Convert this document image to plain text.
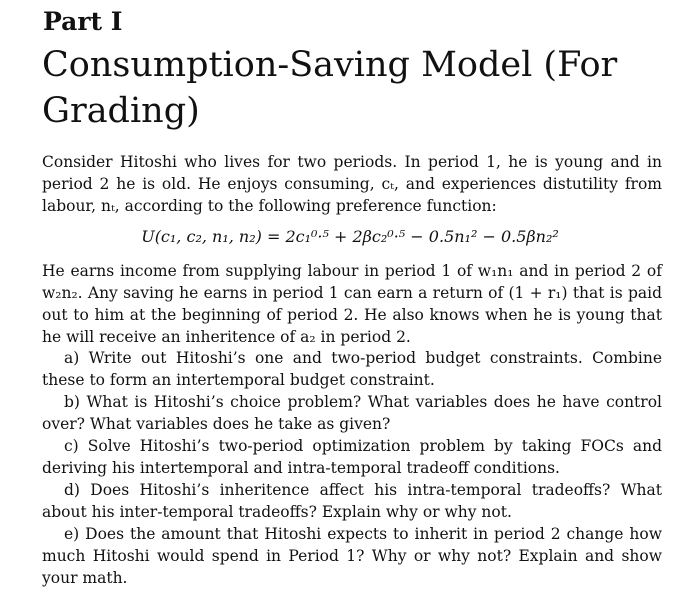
Part I
Consumption-Saving Model (For Grading)

Consider Hitoshi who lives for two periods. In period 1, he is young and in period 2 he is old. He enjoys consuming, cₜ, and experiences distutility from labour, nₜ, according to the following preference function:

U(c₁, c₂, n₁, n₂) = 2c₁⁰·⁵ + 2βc₂⁰·⁵ − 0.5n₁² − 0.5βn₂²

He earns income from supplying labour in period 1 of w₁n₁ and in period 2 of w₂n₂. Any saving he earns in period 1 can earn a return of (1 + r₁) that is paid out to him at the beginning of period 2. He also knows when he is young that he will receive an inheritence of a₂ in period 2.

a) Write out Hitoshi’s one and two-period budget constraints. Combine these to form an intertemporal budget constraint.

b) What is Hitoshi’s choice problem? What variables does he have control over? What variables does he take as given?

c) Solve Hitoshi’s two-period optimization problem by taking FOCs and deriving his intertemporal and intra-temporal tradeoff conditions.

d) Does Hitoshi’s inheritence affect his intra-temporal tradeoffs? What about his inter-temporal tradeoffs? Explain why or why not.

e) Does the amount that Hitoshi expects to inherit in period 2 change how much Hitoshi would spend in Period 1? Why or why not? Explain and show your math.
